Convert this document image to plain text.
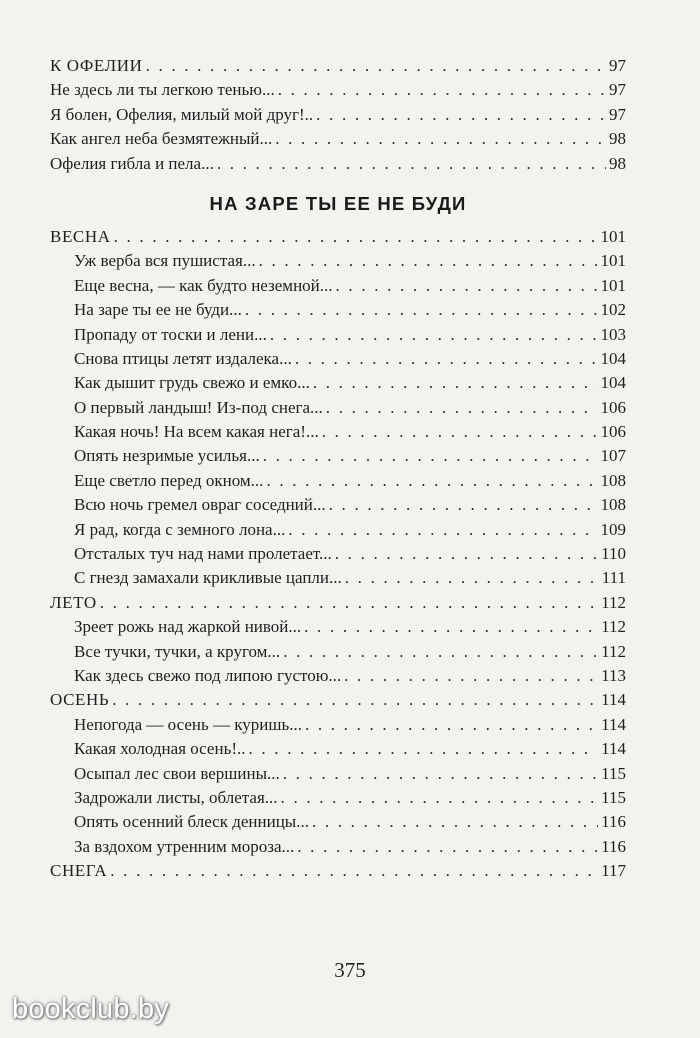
К ОФЕЛИИ . . .	97
Не здесь ли ты легкою тенью... . . .	97
Я болен, Офелия, милый мой друг!.. . . .	97
Как ангел неба безмятежный... . . .	98
Офелия гибла и пела... . . .	98
НА ЗАРЕ ТЫ ЕЕ НЕ БУДИ
ВЕСНА . . .	101
Уж верба вся пушистая... . . .	101
Еще весна, — как будто неземной... . . .	101
На заре ты ее не буди... . . .	102
Пропаду от тоски и лени... . . .	103
Снова птицы летят издалека... . . .	104
Как дышит грудь свежо и емко... . . .	104
О первый ландыш! Из-под снега... . . .	106
Какая ночь! На всем какая нега!... . . .	106
Опять незримые усилья... . . .	107
Еще светло перед окном... . . .	108
Всю ночь гремел овраг соседний... . . .	108
Я рад, когда с земного лона... . . .	109
Отсталых туч над нами пролетает... . . .	110
С гнезд замахали крикливые цапли... . . .	111
ЛЕТО . . .	112
Зреет рожь над жаркой нивой... . . .	112
Все тучки, тучки, а кругом... . . .	112
Как здесь свежо под липою густою... . . .	113
ОСЕНЬ . . .	114
Непогода — осень — куришь... . . .	114
Какая холодная осень!.. . . .	114
Осыпал лес свои вершины... . . .	115
Задрожали листы, облетая... . . .	115
Опять осенний блеск денницы... . . .	116
За вздохом утренним мороза... . . .	116
СНЕГА . . .	117
375
bookclub.by
